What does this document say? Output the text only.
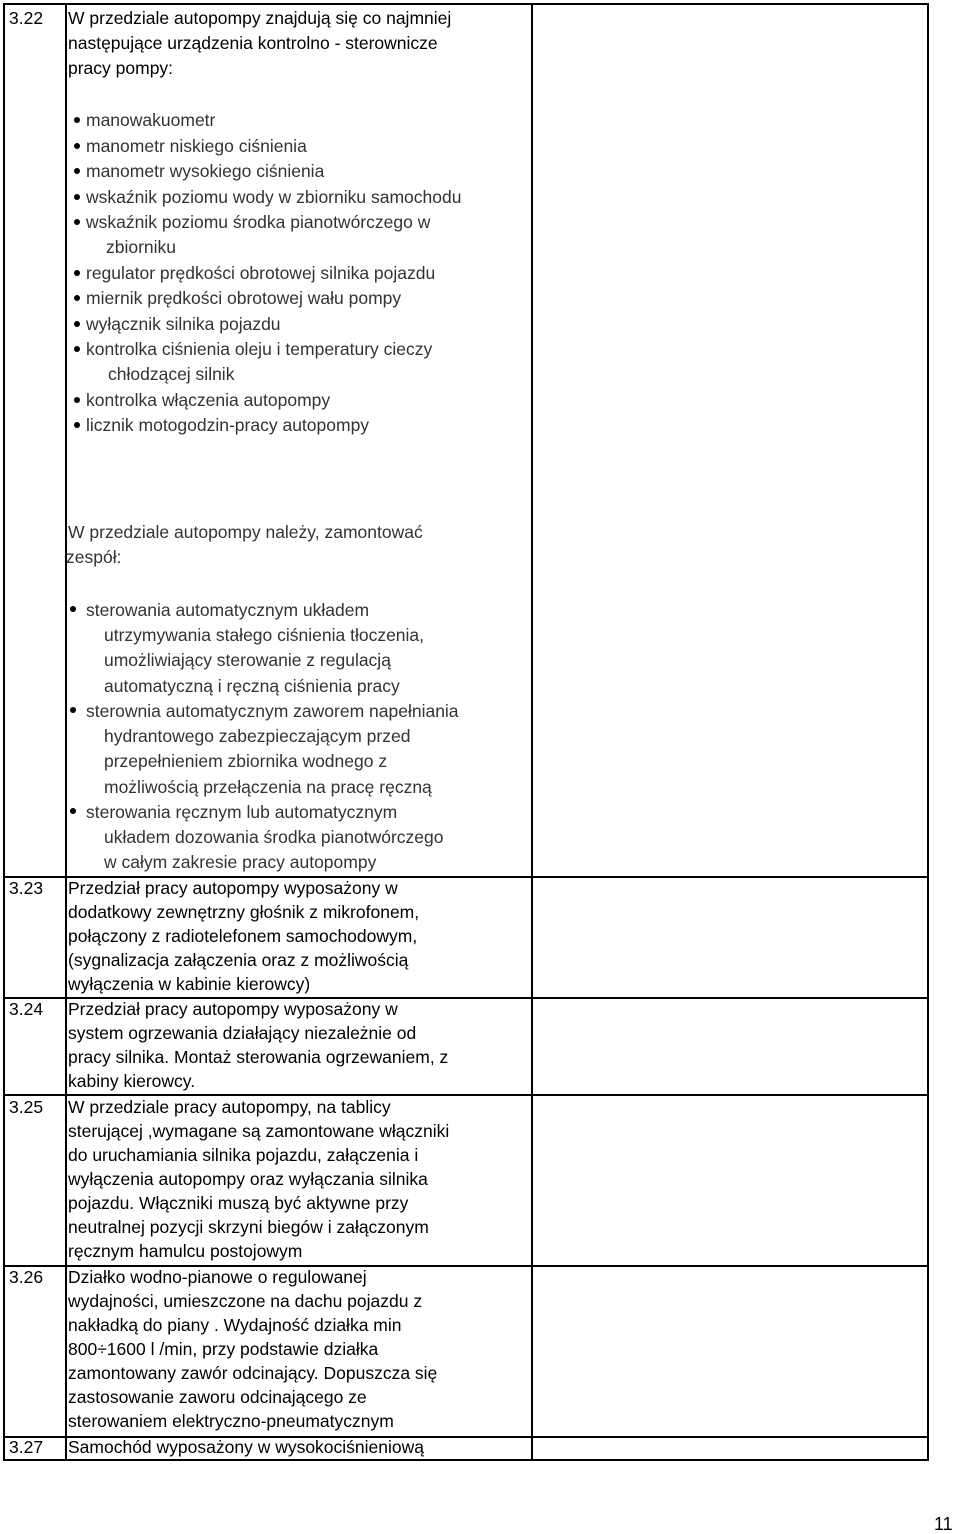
3.22 W przedziale autopompy znajdują się co najmniej
następujące urządzenia kontrolno - sterownicze
pracy pompy:
manowakuometr
manometr niskiego ciśnienia
manometr wysokiego ciśnienia
wskaźnik poziomu wody w zbiorniku samochodu
wskaźnik poziomu środka pianotwórczego w
zbiorniku
regulator prędkości obrotowej silnika pojazdu
miernik prędkości obrotowej wału pompy
wyłącznik silnika pojazdu
kontrolka ciśnienia oleju i temperatury cieczy
chłodzącej silnik
kontrolka włączenia autopompy
licznik motogodzin-pracy autopompy
W przedziale autopompy należy, zamontować
zespół:
sterowania automatycznym układem
utrzymywania stałego ciśnienia tłoczenia,
umożliwiający sterowanie z regulacją
automatyczną i ręczną ciśnienia pracy
sterownia automatycznym zaworem napełniania
hydrantowego zabezpieczającym przed
przepełnieniem zbiornika wodnego z
możliwością przełączenia na pracę ręczną
sterowania ręcznym lub automatycznym
układem dozowania środka pianotwórczego
w całym zakresie pracy autopompy
3.23 Przedział pracy autopompy wyposażony w
dodatkowy zewnętrzny głośnik z mikrofonem,
połączony z radiotelefonem samochodowym,
(sygnalizacja załączenia oraz z możliwością
wyłączenia w kabinie kierowcy)
3.24 Przedział pracy autopompy wyposażony w
system ogrzewania działający niezależnie od
pracy silnika. Montaż sterowania ogrzewaniem, z
kabiny kierowcy.
3.25 W przedziale pracy autopompy, na tablicy
sterującej ,wymagane są zamontowane włączniki
do uruchamiania silnika pojazdu, załączenia i
wyłączenia autopompy oraz wyłączania silnika
pojazdu. Włączniki muszą być aktywne przy
neutralnej pozycji skrzyni biegów i załączonym
ręcznym hamulcu postojowym
3.26 Działko wodno-pianowe o regulowanej
wydajności, umieszczone na dachu pojazdu z
nakładką do piany . Wydajność działka min
800÷1600 l /min, przy podstawie działka
zamontowany zawór odcinający. Dopuszcza się
zastosowanie zaworu odcinającego ze
sterowaniem elektryczno-pneumatycznym
3.27 Samochód wyposażony w wysokociśnieniową
11
